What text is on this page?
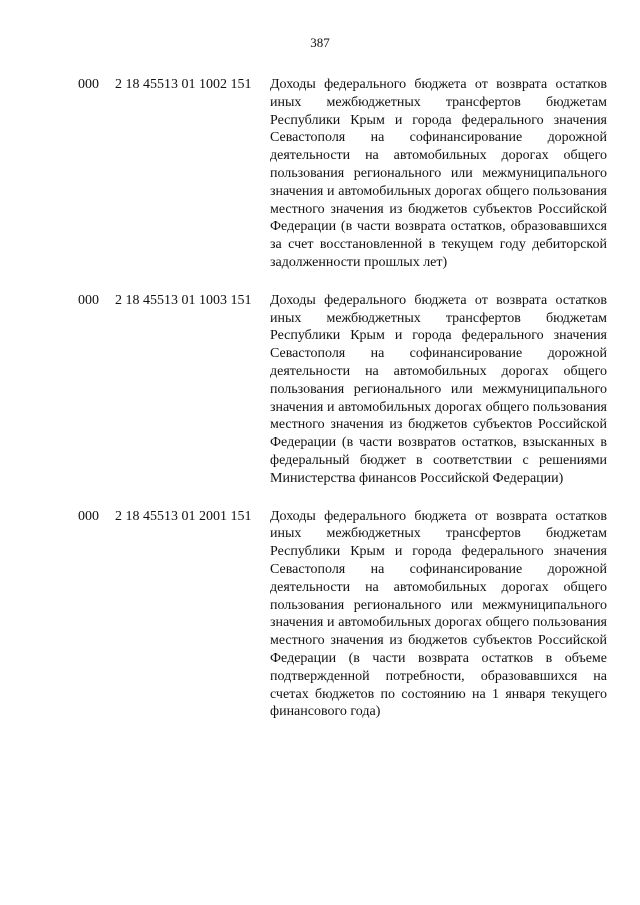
387
000 2 18 45513 01 1002 151 Доходы федерального бюджета от возврата остатков иных межбюджетных трансфертов бюджетам Республики Крым и города федерального значения Севастополя на софинансирование дорожной деятельности на автомобильных дорогах общего пользования регионального или межмуниципального значения и автомобильных дорогах общего пользования местного значения из бюджетов субъектов Российской Федерации (в части возврата остатков, образовавшихся за счет восстановленной в текущем году дебиторской задолженности прошлых лет)
000 2 18 45513 01 1003 151 Доходы федерального бюджета от возврата остатков иных межбюджетных трансфертов бюджетам Республики Крым и города федерального значения Севастополя на софинансирование дорожной деятельности на автомобильных дорогах общего пользования регионального или межмуниципального значения и автомобильных дорогах общего пользования местного значения из бюджетов субъектов Российской Федерации (в части возвратов остатков, взысканных в федеральный бюджет в соответствии с решениями Министерства финансов Российской Федерации)
000 2 18 45513 01 2001 151 Доходы федерального бюджета от возврата остатков иных межбюджетных трансфертов бюджетам Республики Крым и города федерального значения Севастополя на софинансирование дорожной деятельности на автомобильных дорогах общего пользования регионального или межмуниципального значения и автомобильных дорогах общего пользования местного значения из бюджетов субъектов Российской Федерации (в части возврата остатков в объеме подтвержденной потребности, образовавшихся на счетах бюджетов по состоянию на 1 января текущего финансового года)
